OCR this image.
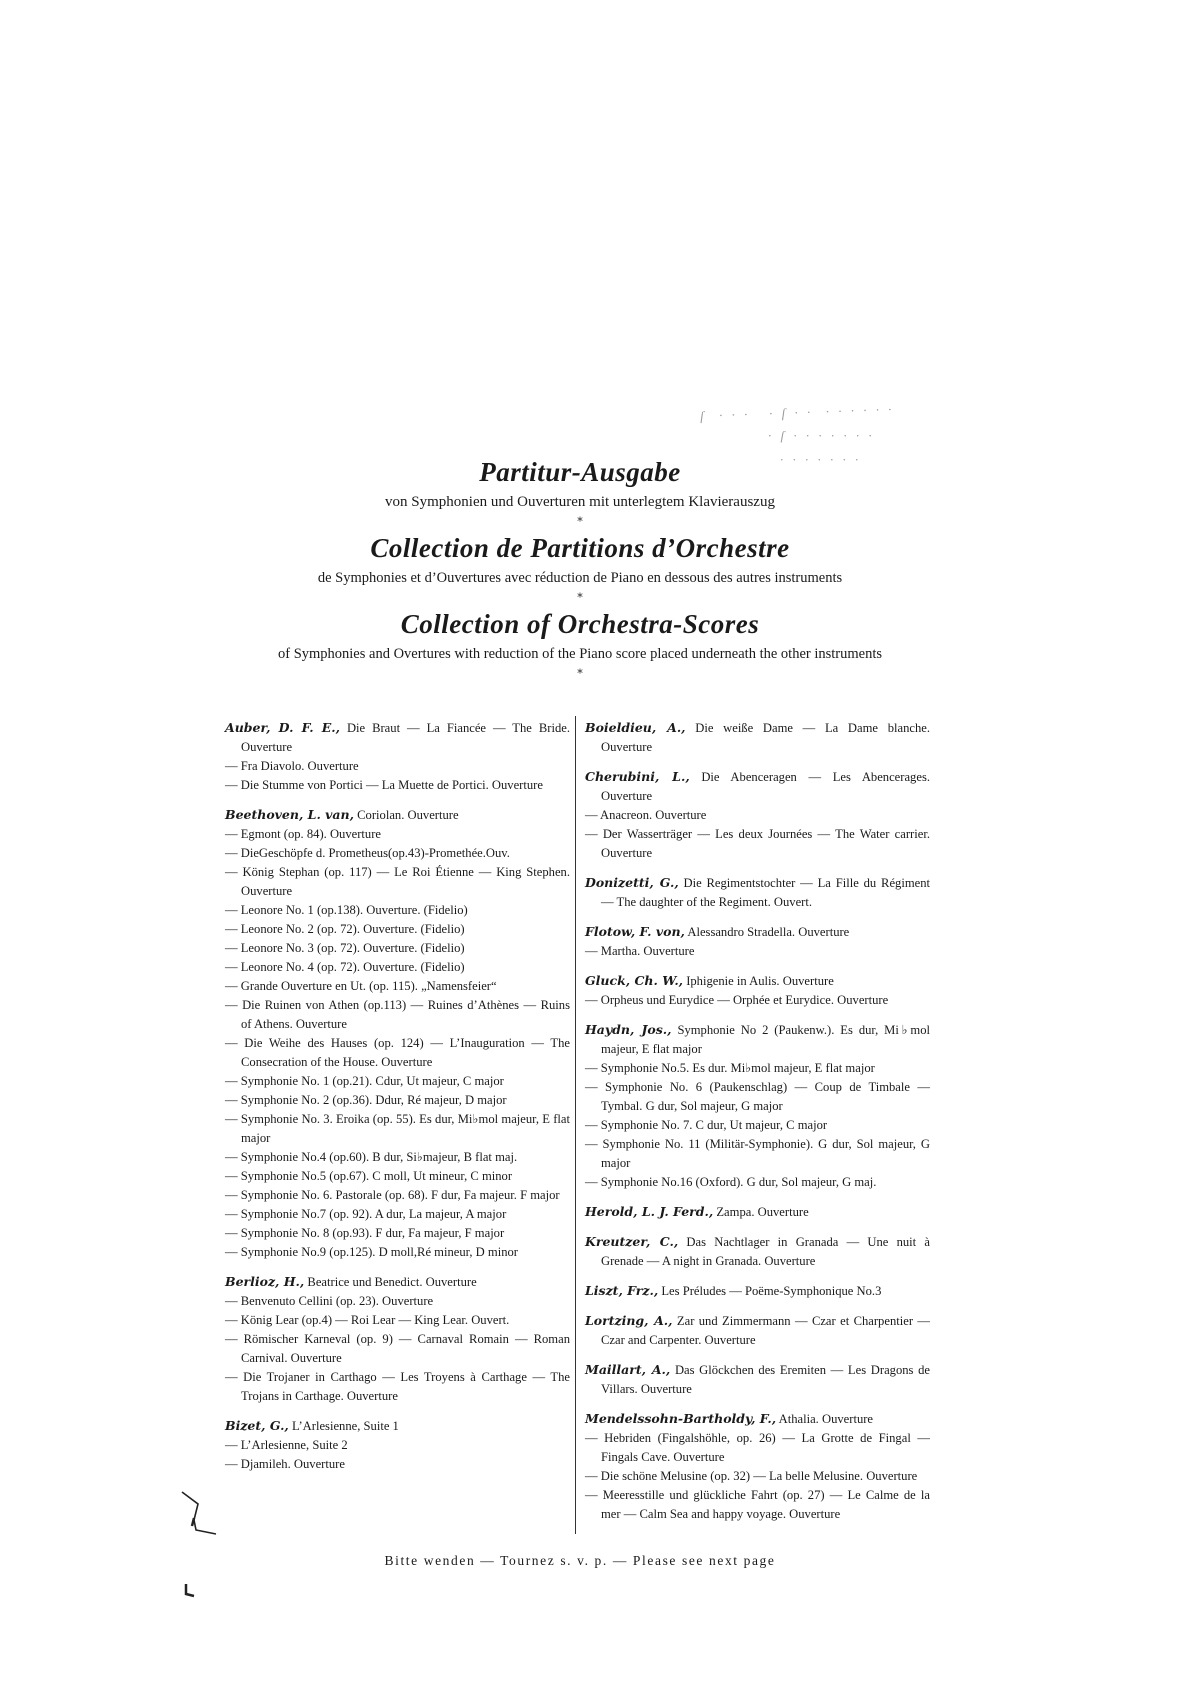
ſ  · · ·   · ſ · ·  · · · · · ·
· ſ · · · · · · ·
· · · · · · ·
Partitur-Ausgabe

von Symphonien und Ouverturen mit unterlegtem Klavierauszug

*
Collection de Partitions d’Orchestre

de Symphonies et d’Ouvertures avec réduction de Piano en dessous des autres instruments

*
Collection of Orchestra-Scores

of Symphonies and Overtures with reduction of the Piano score placed underneath the other instruments

*

Auber, D. F. E., Die Braut — La Fiancée — The Bride. Ouverture

— Fra Diavolo. Ouverture

— Die Stumme von Portici — La Muette de Portici. Ouverture

Beethoven, L. van, Coriolan. Ouverture

— Egmont (op. 84). Ouverture

— DieGeschöpfe d. Prometheus(op.43)-Promethée.Ouv.

— König Stephan (op. 117) — Le Roi Étienne — King Stephen. Ouverture

— Leonore No. 1 (op.138). Ouverture. (Fidelio)

— Leonore No. 2 (op. 72). Ouverture. (Fidelio)

— Leonore No. 3 (op. 72). Ouverture. (Fidelio)

— Leonore No. 4 (op. 72). Ouverture. (Fidelio)

— Grande Ouverture en Ut. (op. 115). „Namensfeier“

— Die Ruinen von Athen (op.113) — Ruines d’Athènes — Ruins of Athens. Ouverture

— Die Weihe des Hauses (op. 124) — L’Inauguration — The Consecration of the House. Ouverture

— Symphonie No. 1 (op.21). Cdur, Ut majeur, C major

— Symphonie No. 2 (op.36). Ddur, Ré majeur, D major

— Symphonie No. 3. Eroika (op. 55). Es dur, Mi♭mol majeur, E flat major

— Symphonie No.4 (op.60). B dur, Si♭majeur, B flat maj.

— Symphonie No.5 (op.67). C moll, Ut mineur, C minor

— Symphonie No. 6. Pastorale (op. 68). F dur, Fa majeur. F major

— Symphonie No.7 (op. 92). A dur, La majeur, A major

— Symphonie No. 8 (op.93). F dur, Fa majeur, F major

— Symphonie No.9 (op.125). D moll,Ré mineur, D minor

Berlioz, H., Beatrice und Benedict. Ouverture

— Benvenuto Cellini (op. 23). Ouverture

— König Lear (op.4) — Roi Lear — King Lear. Ouvert.

— Römischer Karneval (op. 9) — Carnaval Romain — Roman Carnival. Ouverture

— Die Trojaner in Carthago — Les Troyens à Carthage — The Trojans in Carthage. Ouverture

Bizet, G., L’Arlesienne, Suite 1

— L’Arlesienne, Suite 2

— Djamileh. Ouverture

Boieldieu, A., Die weiße Dame — La Dame blanche. Ouverture

Cherubini, L., Die Abenceragen — Les Abencerages. Ouverture

— Anacreon. Ouverture

— Der Wasserträger — Les deux Journées — The Water carrier. Ouverture

Donizetti, G., Die Regimentstochter — La Fille du Régiment — The daughter of the Regiment. Ouvert.

Flotow, F. von, Alessandro Stradella. Ouverture

— Martha. Ouverture

Gluck, Ch. W., Iphigenie in Aulis. Ouverture

— Orpheus und Eurydice — Orphée et Eurydice. Ouverture

Haydn, Jos., Symphonie No 2 (Paukenw.). Es dur, Mi♭mol majeur, E flat major

— Symphonie No.5. Es dur. Mi♭mol majeur, E flat major

— Symphonie No. 6 (Paukenschlag) — Coup de Timbale — Tymbal. G dur, Sol majeur, G major

— Symphonie No. 7. C dur, Ut majeur, C major

— Symphonie No. 11 (Militär-Symphonie). G dur, Sol majeur, G major

— Symphonie No.16 (Oxford). G dur, Sol majeur, G maj.

Herold, L. J. Ferd., Zampa. Ouverture

Kreutzer, C., Das Nachtlager in Granada — Une nuit à Grenade — A night in Granada. Ouverture

Liszt, Frz., Les Préludes — Poëme-Symphonique No.3

Lortzing, A., Zar und Zimmermann — Czar et Charpentier — Czar and Carpenter. Ouverture

Maillart, A., Das Glöckchen des Eremiten — Les Dragons de Villars. Ouverture

Mendelssohn-Bartholdy, F., Athalia. Ouverture

— Hebriden (Fingalshöhle, op. 26) — La Grotte de Fingal — Fingals Cave. Ouverture

— Die schöne Melusine (op. 32) — La belle Melusine. Ouverture

— Meeresstille und glückliche Fahrt (op. 27) — Le Calme de la mer — Calm Sea and happy voyage. Ouverture

Bitte wenden — Tournez s. v. p. — Please see next page
